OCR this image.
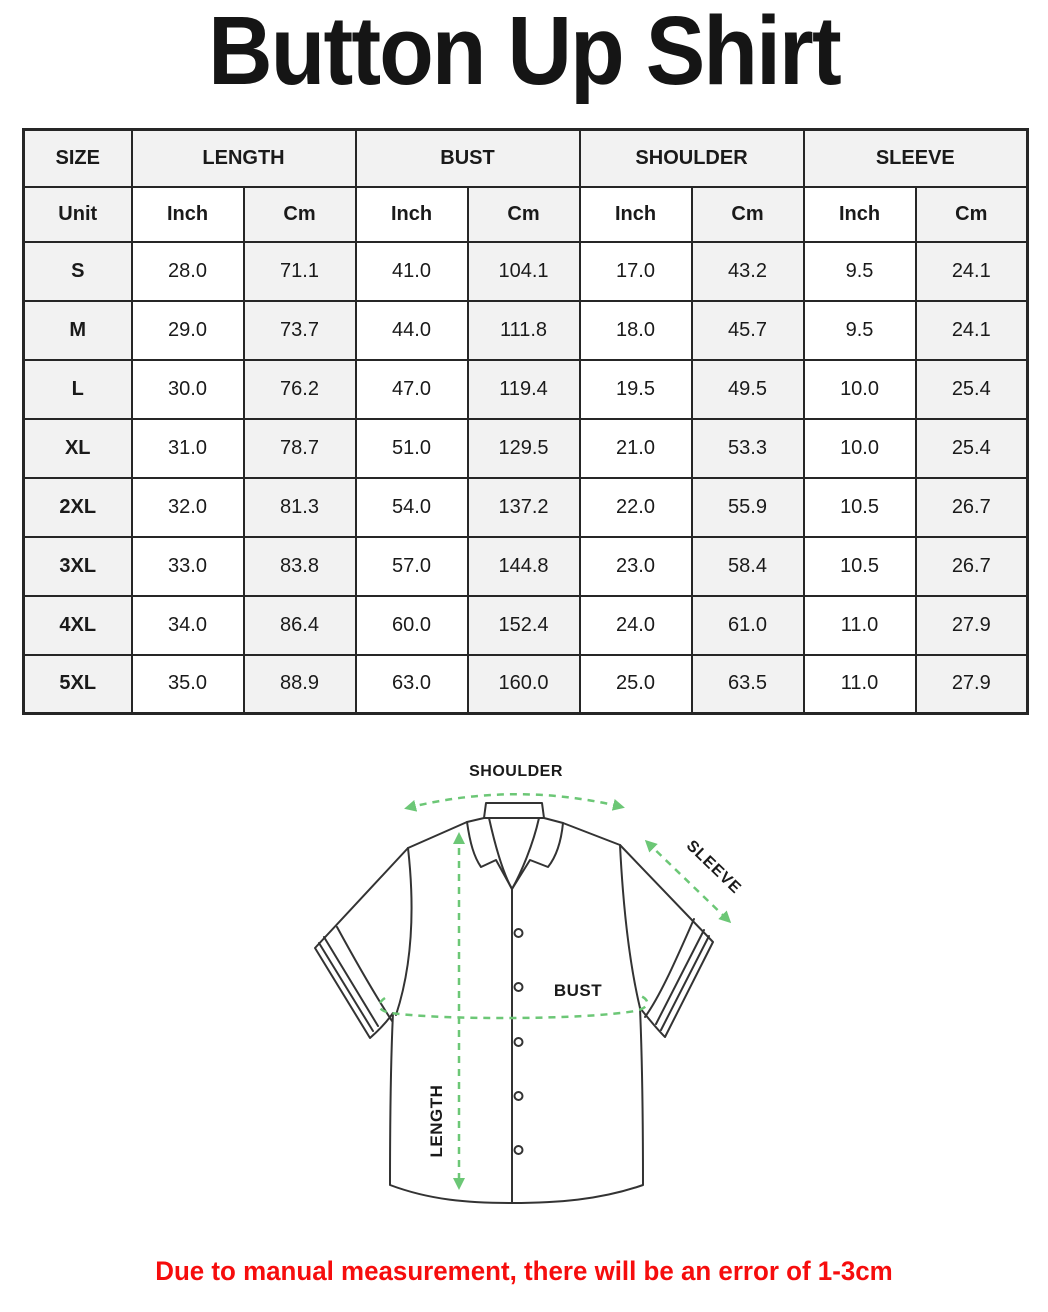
Button Up Shirt
SIZE	LENGTH		BUST		SHOULDER		SLEEVE	
Unit	Inch	Cm	Inch	Cm	Inch	Cm	Inch	Cm
S	28.0	71.1	41.0	104.1	17.0	43.2	9.5	24.1
M	29.0	73.7	44.0	111.8	18.0	45.7	9.5	24.1
L	30.0	76.2	47.0	119.4	19.5	49.5	10.0	25.4
XL	31.0	78.7	51.0	129.5	21.0	53.3	10.0	25.4
2XL	32.0	81.3	54.0	137.2	22.0	55.9	10.5	26.7
3XL	33.0	83.8	57.0	144.8	23.0	58.4	10.5	26.7
4XL	34.0	86.4	60.0	152.4	24.0	61.0	11.0	27.9
5XL	35.0	88.9	63.0	160.0	25.0	63.5	11.0	27.9
SHOULDER
SLEEVE
BUST
LENGTH
Due to manual measurement, there will be an error of 1-3cm
